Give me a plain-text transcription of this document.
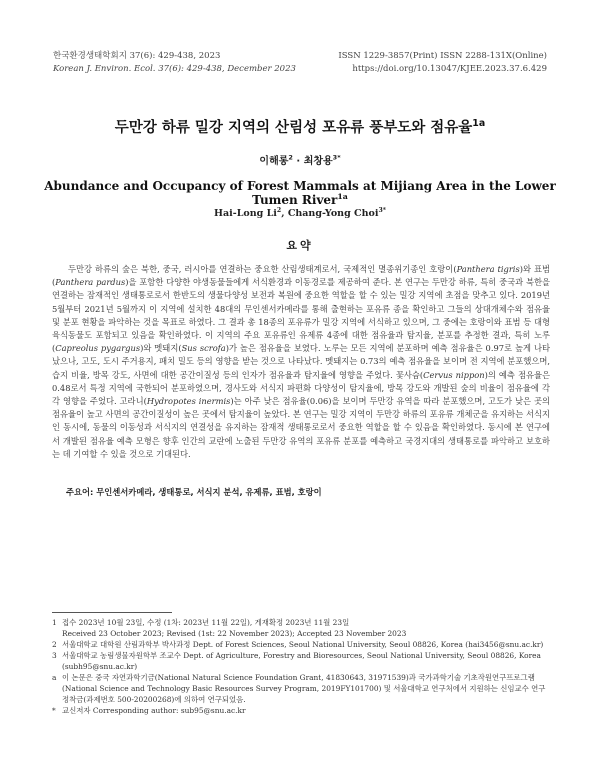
한국환경생태학회지 37(6): 429-438, 2023
Korean J. Environ. Ecol. 37(6): 429-438, December 2023
ISSN 1229-3857(Print) ISSN 2288-131X(Online)
https://doi.org/10.13047/KJEE.2023.37.6.429
두만강 하류 밀강 지역의 산림성 포유류 풍부도와 점유율$^{1a}$
이해롱$^2$ · 최창용$^{3*}$
Abundance and Occupancy of Forest Mammals at Mijiang Area in the Lower Tumen River$^{1a}$
Hai-Long Li$^2$, Chang-Yong Choi$^{3*}$
요약

두만강 하류의 숲은 북한, 중국, 러시아를 연결하는 중요한 산림생태계로서, 국제적인 멸종위기종인 호랑이(Panthera tigris)와 표범(Panthera pardus)을 포함한 다양한 야생동물들에게 서식환경과 이동경로를 제공하여 준다. 본 연구는 두만강 하류, 특히 중국과 북한을 연결하는 잠재적인 생태통로로서 한반도의 생물다양성 보전과 복원에 중요한 역할을 할 수 있는 밀강 지역에 초점을 맞추고 있다. 2019년 5월부터 2021년 5월까지 이 지역에 설치한 48대의 무인센서카메라를 통해 출현하는 포유류 종을 확인하고 그들의 상대개체수와 점유율 및 분포 현황을 파악하는 것을 목표로 하였다. 그 결과 총 18종의 포유류가 밀강 지역에 서식하고 있으며, 그 중에는 호랑이와 표범 등 대형 육식동물도 포함되고 있음을 확인하였다. 이 지역의 주요 포유류인 유제류 4종에 대한 점유율과 탐지율, 분포를 추정한 결과, 특히 노루(Capreolus pygargus)와 멧돼지(Sus scrofa)가 높은 점유율을 보였다. 노루는 모든 지역에 분포하며 예측 점유율은 0.97로 높게 나타났으나, 고도, 도시 주거용지, 패치 밀도 등의 영향을 받는 것으로 나타났다. 멧돼지는 0.73의 예측 점유율을 보이며 전 지역에 분포했으며, 습지 비율, 방목 강도, 사면에 대한 공간이질성 등의 인자가 점유율과 탐지율에 영향을 주었다. 꽃사슴(Cervus nippon)의 예측 점유율은 0.48로서 특정 지역에 국한되어 분포하였으며, 경사도와 서식지 파편화 다양성이 탐지율에, 방목 강도와 개발된 숲의 비율이 점유율에 각각 영향을 주었다. 고라니(Hydropotes inermis)는 아주 낮은 점유율(0.06)을 보이며 두만강 유역을 따라 분포했으며, 고도가 낮은 곳의 점유율이 높고 사면의 공간이질성이 높은 곳에서 탐지율이 높았다. 본 연구는 밀강 지역이 두만강 하류의 포유류 개체군을 유지하는 서식지인 동시에, 동물의 이동성과 서식지의 연결성을 유지하는 잠재적 생태통로로서 중요한 역할을 할 수 있음을 확인하였다. 동시에 본 연구에서 개발된 점유율 예측 모형은 향후 인간의 교란에 노출된 두만강 유역의 포유류 분포를 예측하고 국경지대의 생태통로를 파악하고 보호하는 데 기여할 수 있을 것으로 기대된다.

주요어: 무인센서카메라, 생태통로, 서식지 분석, 유제류, 표범, 호랑이

1 접수 2023년 10월 23일, 수정 (1차: 2023년 11월 22일), 게재확정 2023년 11월 23일

Received 23 October 2023; Revised (1st: 22 November 2023); Accepted 23 November 2023

2 서울대학교 대학원 산림과학부 박사과정 Dept. of Forest Sciences, Seoul National University, Seoul 08826, Korea (hai3456@snu.ac.kr)

3 서울대학교 농림생물자원학부 조교수 Dept. of Agriculture, Forestry and Bioresources, Seoul National University, Seoul 08826, Korea (subh95@snu.ac.kr)

a 이 논문은 중국 자연과학기금(National Natural Science Foundation Grant, 41830643, 31971539)과 국가과학기술 기초작원연구프로그램(National Science and Technology Basic Resources Survey Program, 2019FY101700) 및 서울대학교 연구처에서 지원하는 신임교수 연구정착금(과제번호 500-20200268)에 의하여 연구되었음.

* 교신저자 Corresponding author: sub95@snu.ac.kr
